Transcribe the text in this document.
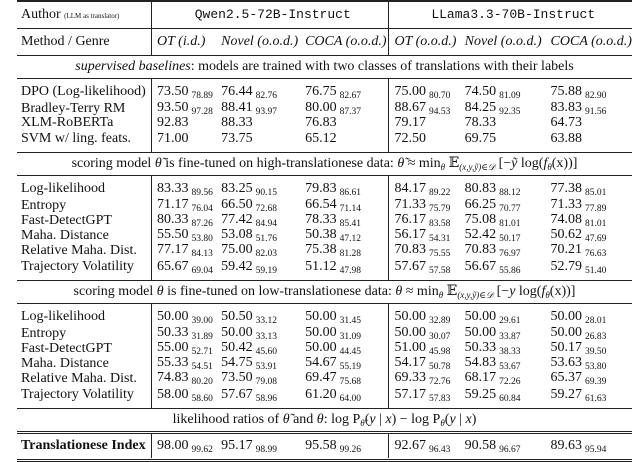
Author (LLM as translator)	Qwen2.5-72B-Instruct			LLama3.3-70B-Instruct		
Method / Genre	OT (i.d.)	Novel (o.o.d.)	COCA (o.o.d.)	OT (o.o.d.)	Novel (o.o.d.)	COCA (o.o.d.)
supervised baselines: models are trained with two classes of translations with their labels						
DPO (Log-likelihood)	73.50 $_{78.89}$	76.44 $_{82.76}$	76.75 $_{82.67}$	75.00 $_{80.70}$	74.50 $_{81.09}$	75.88 $_{82.90}$
Bradley-Terry RM	93.50 $_{97.28}$	88.41 $_{93.97}$	80.00 $_{87.37}$	88.67 $_{94.53}$	84.25 $_{92.35}$	83.83 $_{91.56}$
XLM-RoBERTa	92.83	88.33	76.83	79.17	78.33	64.73
SVM w/ ling. feats.	71.00	73.75	65.12	72.50	69.75	63.88
scoring model θ̃ is fine-tuned on high-translationese data: θ̃ ≈ $\min_\theta$ 𝔼$_{(x,y,ỹ)\in 𝒟}$ [−ỹ $\log(f_\theta(x))$]						
Log-likelihood	83.33 $_{89.56}$	83.25 $_{90.15}$	79.83 $_{86.61}$	84.17 $_{89.22}$	80.83 $_{88.12}$	77.38 $_{85.01}$
Entropy	71.17 $_{76.04}$	66.50 $_{72.68}$	66.54 $_{71.14}$	71.33 $_{75.79}$	66.25 $_{70.77}$	71.33 $_{77.89}$
Fast-DetectGPT	80.33 $_{87.26}$	77.42 $_{84.94}$	78.33 $_{85.41}$	76.17 $_{83.58}$	75.08 $_{81.01}$	74.08 $_{81.01}$
Maha. Distance	55.50 $_{53.80}$	53.08 $_{51.76}$	50.38 $_{47.12}$	56.17 $_{54.31}$	52.42 $_{50.17}$	50.62 $_{47.69}$
Relative Maha. Dist.	77.17 $_{84.13}$	75.00 $_{82.03}$	75.38 $_{81.28}$	70.83 $_{75.55}$	70.83 $_{76.97}$	70.21 $_{76.63}$
Trajectory Volatility	65.67 $_{69.04}$	59.42 $_{59.19}$	51.12 $_{47.98}$	57.67 $_{57.58}$	56.67 $_{55.86}$	52.79 $_{51.40}$
scoring model θ is fine-tuned on low-translationese data: $\theta \approx \min_\theta$ 𝔼$_{(x,y,ỹ)\in 𝒟}$ [−y $\log(f_\theta(x))$]						
Log-likelihood	50.00 $_{39.00}$	50.50 $_{33.12}$	50.00 $_{31.45}$	50.00 $_{32.89}$	50.00 $_{29.61}$	50.00 $_{28.01}$
Entropy	50.33 $_{31.89}$	50.00 $_{33.13}$	50.00 $_{31.09}$	50.00 $_{30.07}$	50.00 $_{33.87}$	50.00 $_{26.83}$
Fast-DetectGPT	55.00 $_{52.71}$	50.42 $_{45.60}$	50.00 $_{44.45}$	51.00 $_{45.98}$	50.33 $_{38.33}$	50.17 $_{39.50}$
Maha. Distance	55.33 $_{54.51}$	54.75 $_{53.91}$	54.67 $_{55.19}$	54.17 $_{50.78}$	54.83 $_{53.67}$	53.63 $_{53.80}$
Relative Maha. Dist.	74.83 $_{80.20}$	73.50 $_{79.08}$	69.47 $_{75.68}$	69.33 $_{72.76}$	68.17 $_{72.26}$	65.37 $_{69.39}$
Trajectory Volatility	58.00 $_{58.60}$	57.67 $_{58.96}$	61.20 $_{64.00}$	57.17 $_{57.83}$	59.25 $_{60.84}$	59.27 $_{61.63}$
likelihood ratios of θ̃ and θ: $\log P_{\thetã}(y$ | $x) - \log P_\theta(y$ | x)						
Translationese Index	98.00 $_{99.62}$	95.17 $_{98.99}$	95.58 $_{99.26}$	92.67 $_{96.43}$	90.58 $_{96.67}$	89.63 $_{95.94}$
